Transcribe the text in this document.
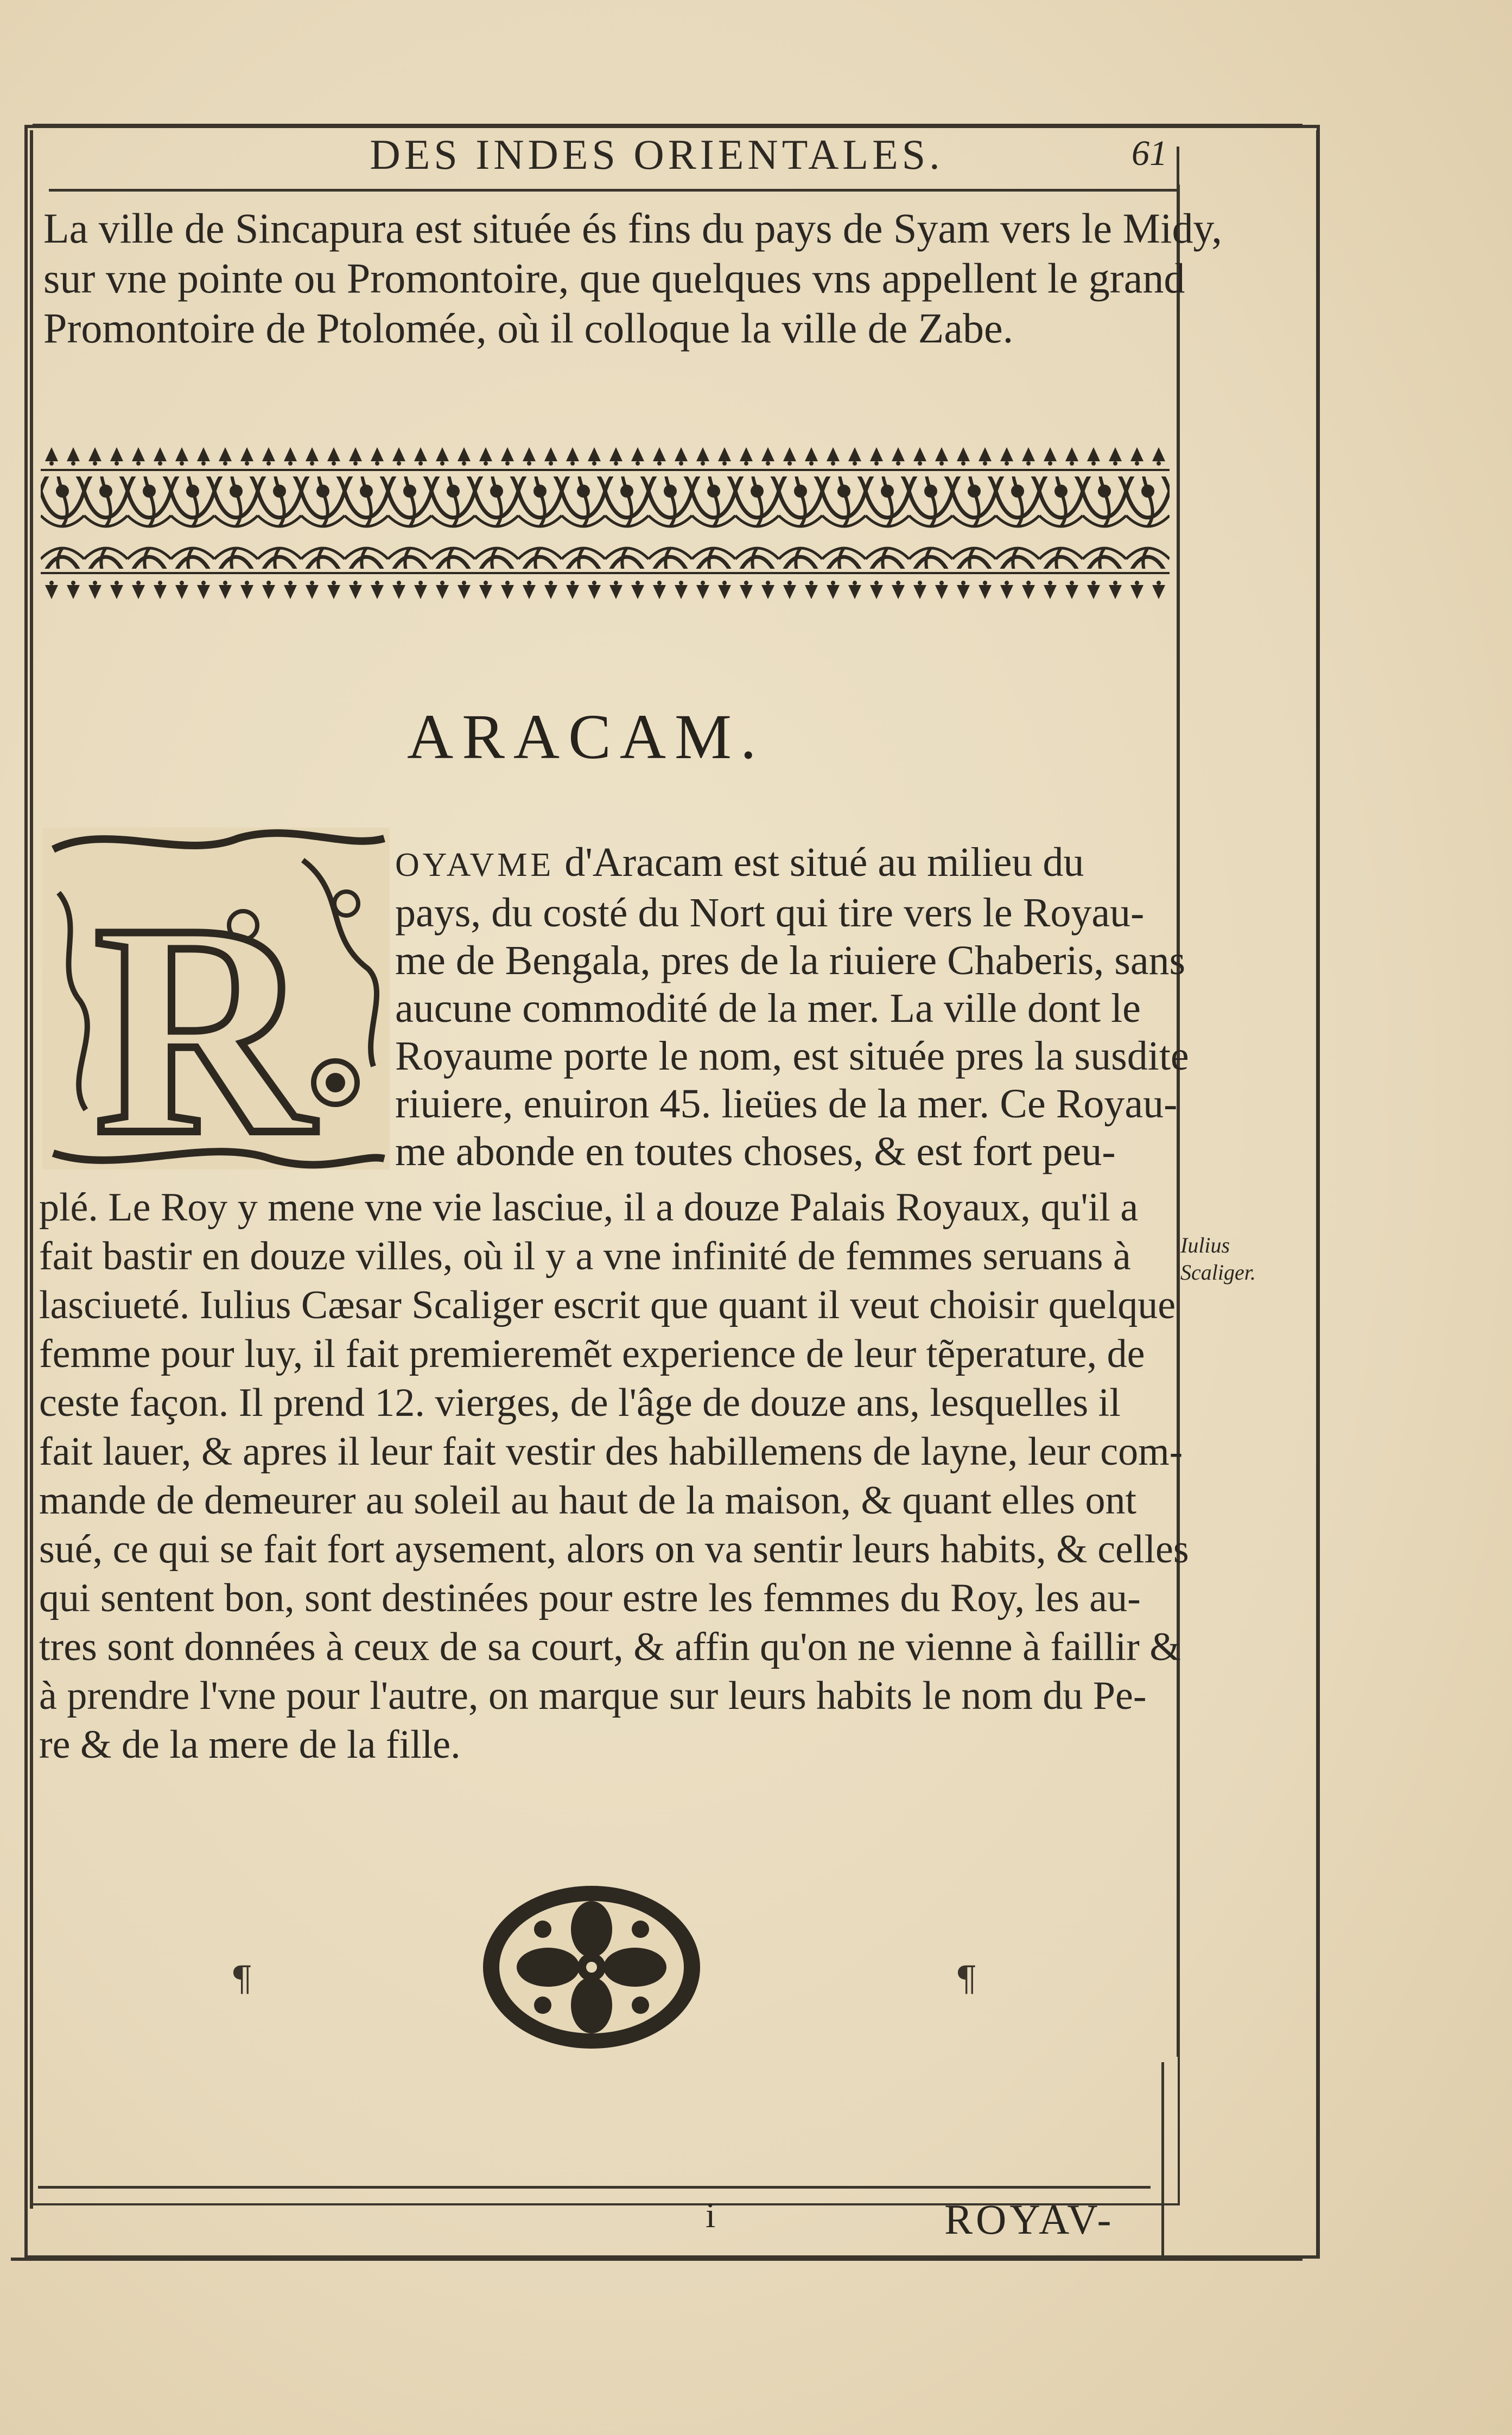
DES INDES ORIENTALES.	61
La ville de Sincapura est située és fins du pays de Syam vers le Midy,
sur vne pointe ou Promontoire, que quelques vns appellent le grand
Promontoire de Ptolomée, où il colloque la ville de Zabe.
ARACAM.
R OYAVME d'Aracam est situé au milieu du
pays, du costé du Nort qui tire vers le Royau-
me de Bengala, pres de la riuiere Chaberis, sans
aucune commodité de la mer. La ville dont le
Royaume porte le nom, est située pres la susdite
riuiere, enuiron 45. lieües de la mer. Ce Royau-
me abonde en toutes choses, & est fort peu-
plé. Le Roy y mene vne vie lasciue, il a douze Palais Royaux, qu'il a
fait bastir en douze villes, où il y a vne infinité de femmes seruans à
lasciueté. Iulius Cæsar Scaliger escrit que quant il veut choisir quelque
femme pour luy, il fait premieremẽt experience de leur tẽperature, de
ceste façon. Il prend 12. vierges, de l'âge de douze ans, lesquelles il
fait lauer, & apres il leur fait vestir des habillemens de layne, leur com-
mande de demeurer au soleil au haut de la maison, & quant elles ont
sué, ce qui se fait fort aysement, alors on va sentir leurs habits, & celles
qui sentent bon, sont destinées pour estre les femmes du Roy, les au-
tres sont données à ceux de sa court, & affin qu'on ne vienne à faillir &
à prendre l'vne pour l'autre, on marque sur leurs habits le nom du Pe-
re & de la mere de la fille.
Iulius
Scaliger.
¶	¶
i	ROYAV-
